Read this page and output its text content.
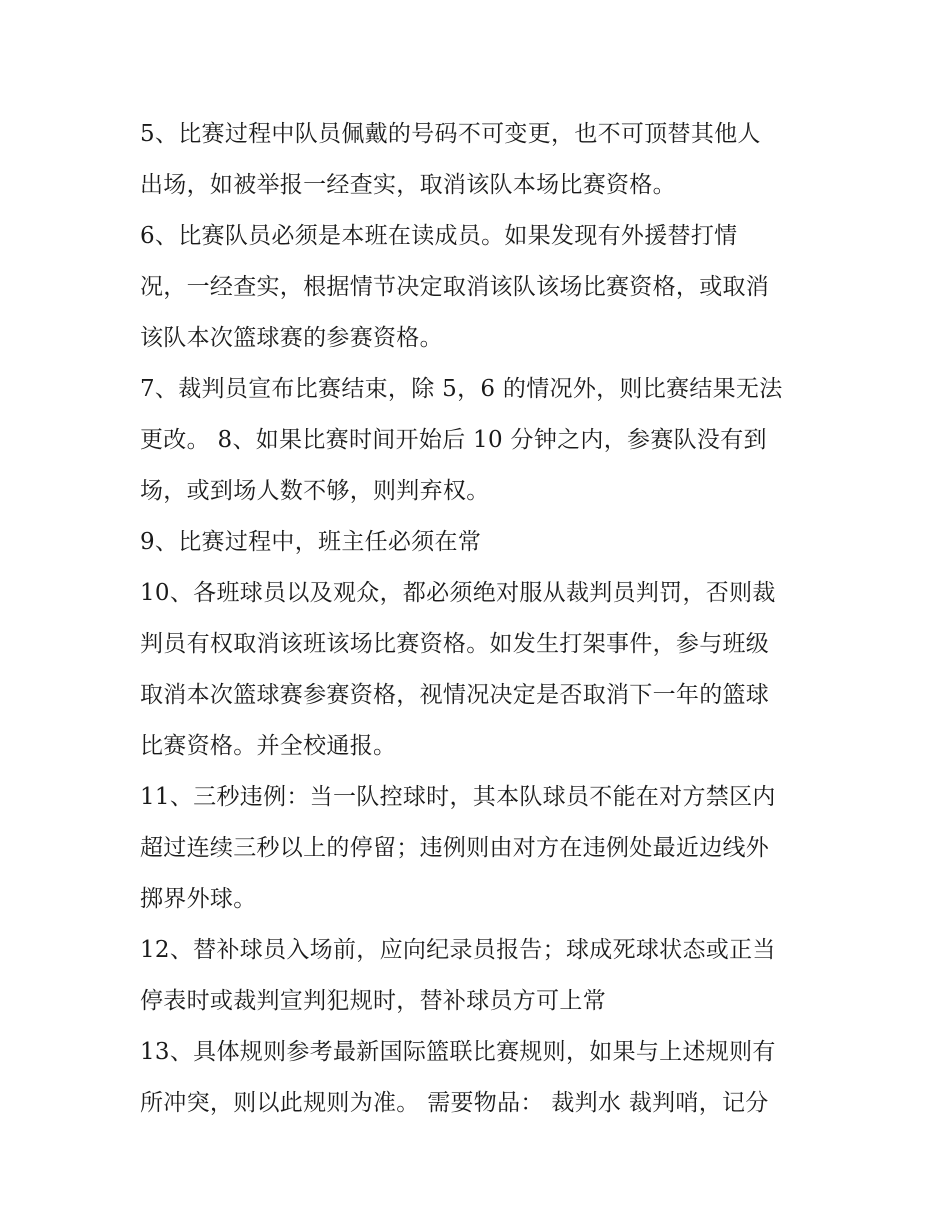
5、比赛过程中队员佩戴的号码不可变更，也不可顶替其他人
出场，如被举报一经查实，取消该队本场比赛资格。
6、比赛队员必须是本班在读成员。如果发现有外援替打情
况，一经查实，根据情节决定取消该队该场比赛资格，或取消
该队本次篮球赛的参赛资格。
7、裁判员宣布比赛结束，除 5，6 的情况外，则比赛结果无法
更改。 8、如果比赛时间开始后 10 分钟之内，参赛队没有到
场，或到场人数不够，则判弃权。
9、比赛过程中，班主任必须在常
10、各班球员以及观众，都必须绝对服从裁判员判罚，否则裁
判员有权取消该班该场比赛资格。如发生打架事件，参与班级
取消本次篮球赛参赛资格，视情况决定是否取消下一年的篮球
比赛资格。并全校通报。
11、三秒违例：当一队控球时，其本队球员不能在对方禁区内
超过连续三秒以上的停留；违例则由对方在违例处最近边线外
掷界外球。
12、替补球员入场前，应向纪录员报告；球成死球状态或正当
停表时或裁判宣判犯规时，替补球员方可上常
13、具体规则参考最新国际篮联比赛规则，如果与上述规则有
所冲突，则以此规则为准。 需要物品： 裁判水 裁判哨，记分
